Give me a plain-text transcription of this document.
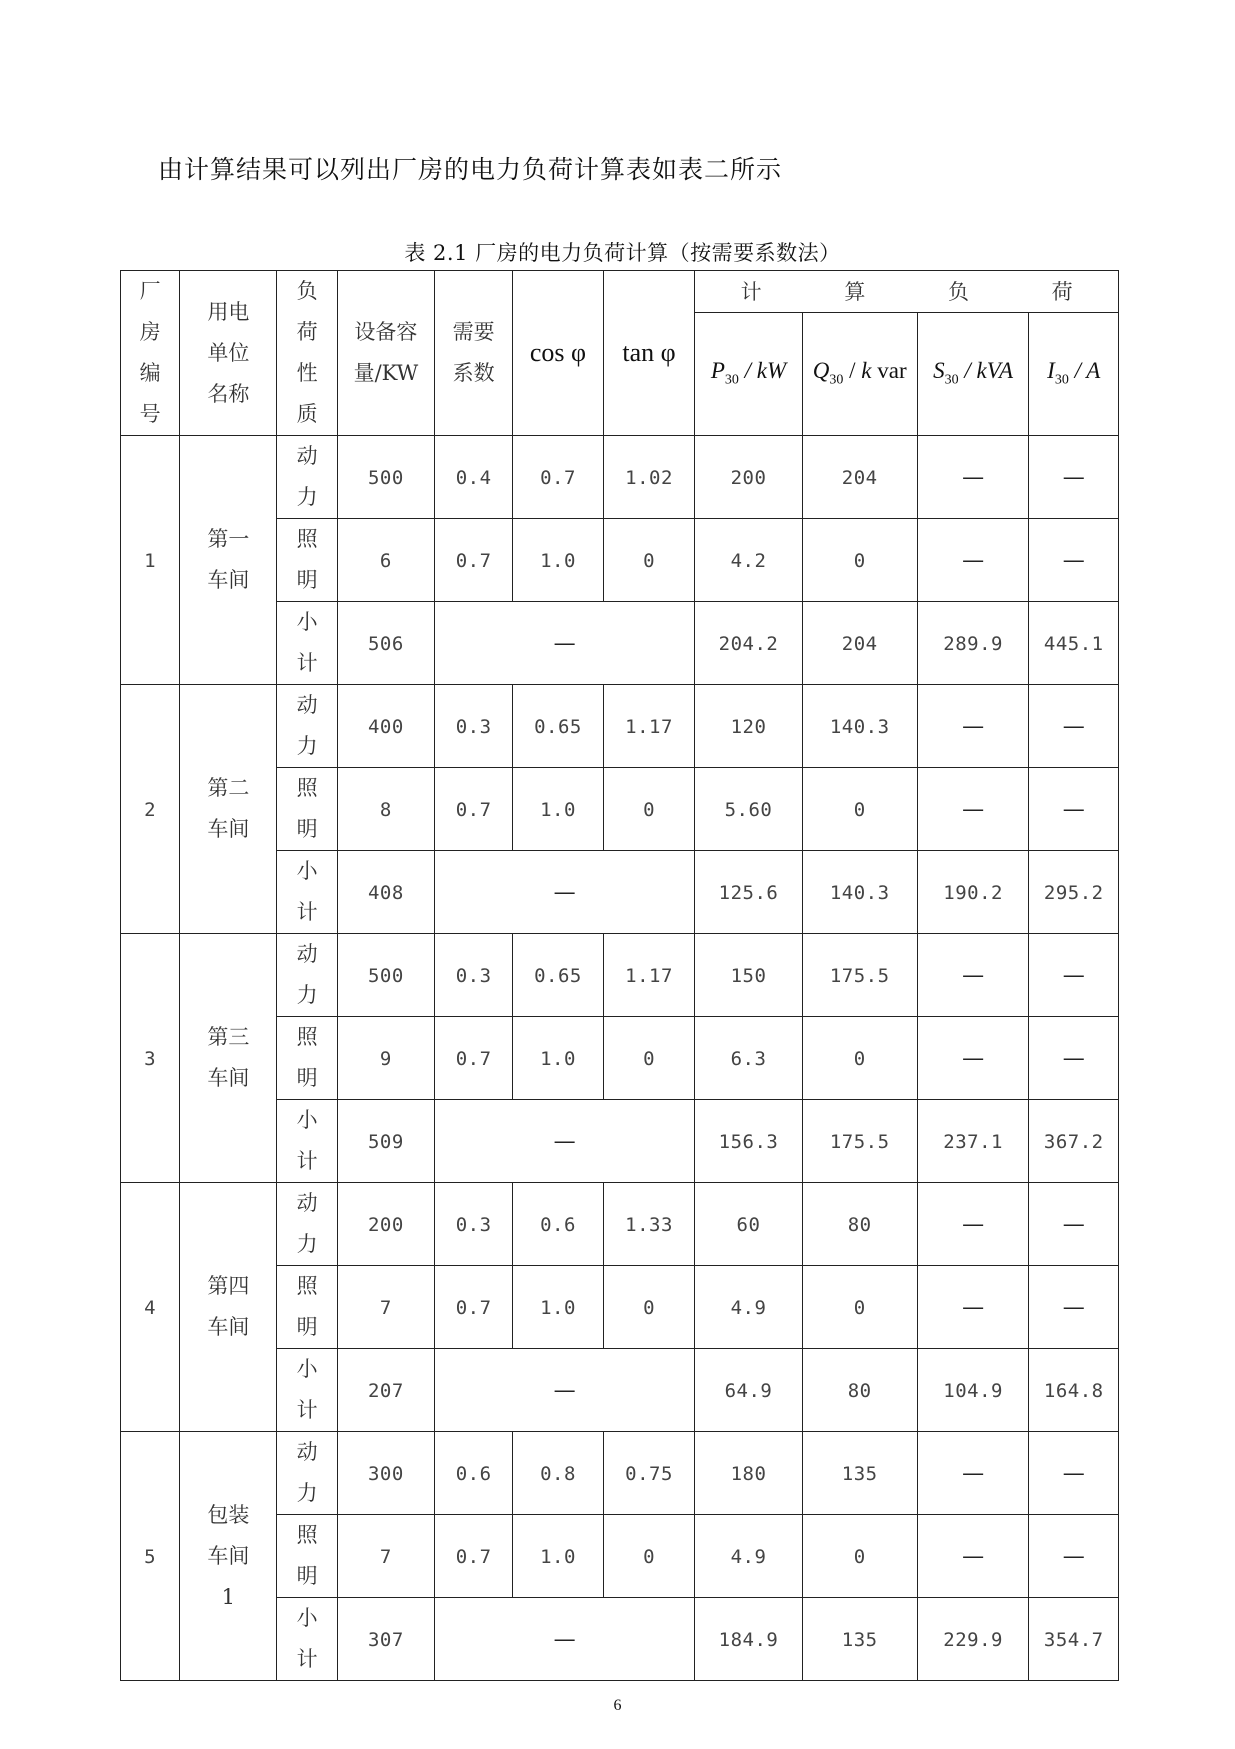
由计算结果可以列出厂房的电力负荷计算表如表二所示
表 2.1 厂房的电力负荷计算（按需要系数法）
厂房编号	用电单位名称	负荷性质	设备容量/KW	需要系数	cos φ	tan φ	计 算 负 荷			
							$P_{30}$ / kW	$Q_{30}$ / k var	$S_{30}$ / kVA	$I_{30}$ / A
1	第一车间	动力	500	0.4	0.7	1.02	200	204	—	—

		照明	6	0.7	1.0	0	4.2	0	—	—

		小计	506	—			204.2	204	289.9	445.1
2	第二车间	动力	400	0.3	0.65	1.17	120	140.3	—	—

		照明	8	0.7	1.0	0	5.60	0	—	—

		小计	408	—			125.6	140.3	190.2	295.2
3	第三车间	动力	500	0.3	0.65	1.17	150	175.5	—	—

		照明	9	0.7	1.0	0	6.3	0	—	—

		小计	509	—			156.3	175.5	237.1	367.2
4	第四车间	动力	200	0.3	0.6	1.33	60	80	—	—

		照明	7	0.7	1.0	0	4.9	0	—	—

		小计	207	—			64.9	80	104.9	164.8
5	包装车间 1	动力	300	0.6	0.8	0.75	180	135	—	—

		照明	7	0.7	1.0	0	4.9	0	—	—

		小计	307	—			184.9	135	229.9	354.7
6
